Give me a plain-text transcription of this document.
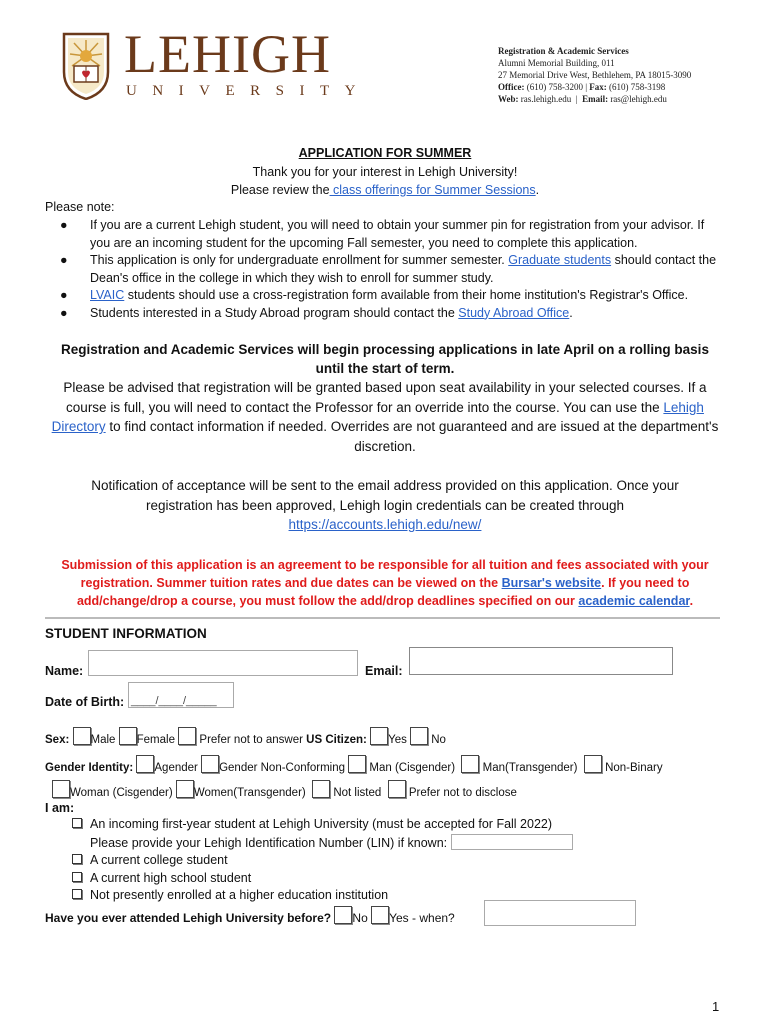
LEHIGH
UNIVERSITY
Registration & Academic Services
Alumni Memorial Building, 011
27 Memorial Drive West, Bethlehem, PA 18015-3090
Office: (610) 758-3200 | Fax: (610) 758-3198
Web: ras.lehigh.edu | Email: ras@lehigh.edu
APPLICATION FOR SUMMER
Thank you for your interest in Lehigh University!
Please review the class offerings for Summer Sessions.
Please note:
● If you are a current Lehigh student, you will need to obtain your summer pin for registration from your advisor. If you are an incoming student for the upcoming Fall semester, you need to complete this application.
● This application is only for undergraduate enrollment for summer semester. Graduate students should contact the Dean's office in the college in which they wish to enroll for summer study.
● LVAIC students should use a cross-registration form available from their home institution's Registrar's Office.
● Students interested in a Study Abroad program should contact the Study Abroad Office.
Registration and Academic Services will begin processing applications in late April on a rolling basis
until the start of term.
Please be advised that registration will be granted based upon seat availability in your selected courses. If a course is full, you will need to contact the Professor for an override into the course. You can use the Lehigh Directory to find contact information if needed. Overrides are not guaranteed and are issued at the department's discretion.
Notification of acceptance will be sent to the email address provided on this application. Once your registration has been approved, Lehigh login credentials can be created through
https://accounts.lehigh.edu/new/
Submission of this application is an agreement to be responsible for all tuition and fees associated with your registration. Summer tuition rates and due dates can be viewed on the Bursar's website. If you need to add/change/drop a course, you must follow the add/drop deadlines specified on our academic calendar.
STUDENT INFORMATION
Name:	Email:
Date of Birth: ____/____/_____
Sex: Male Female Prefer not to answer US Citizen: Yes No
Gender Identity: Agender Gender Non-Conforming Man (Cisgender) Man(Transgender) Non-Binary
Woman (Cisgender) Women(Transgender) Not listed Prefer not to disclose
I am:
An incoming first-year student at Lehigh University (must be accepted for Fall 2022)
Please provide your Lehigh Identification Number (LIN) if known:
A current college student
A current high school student
Not presently enrolled at a higher education institution
Have you ever attended Lehigh University before? No Yes - when?
1
